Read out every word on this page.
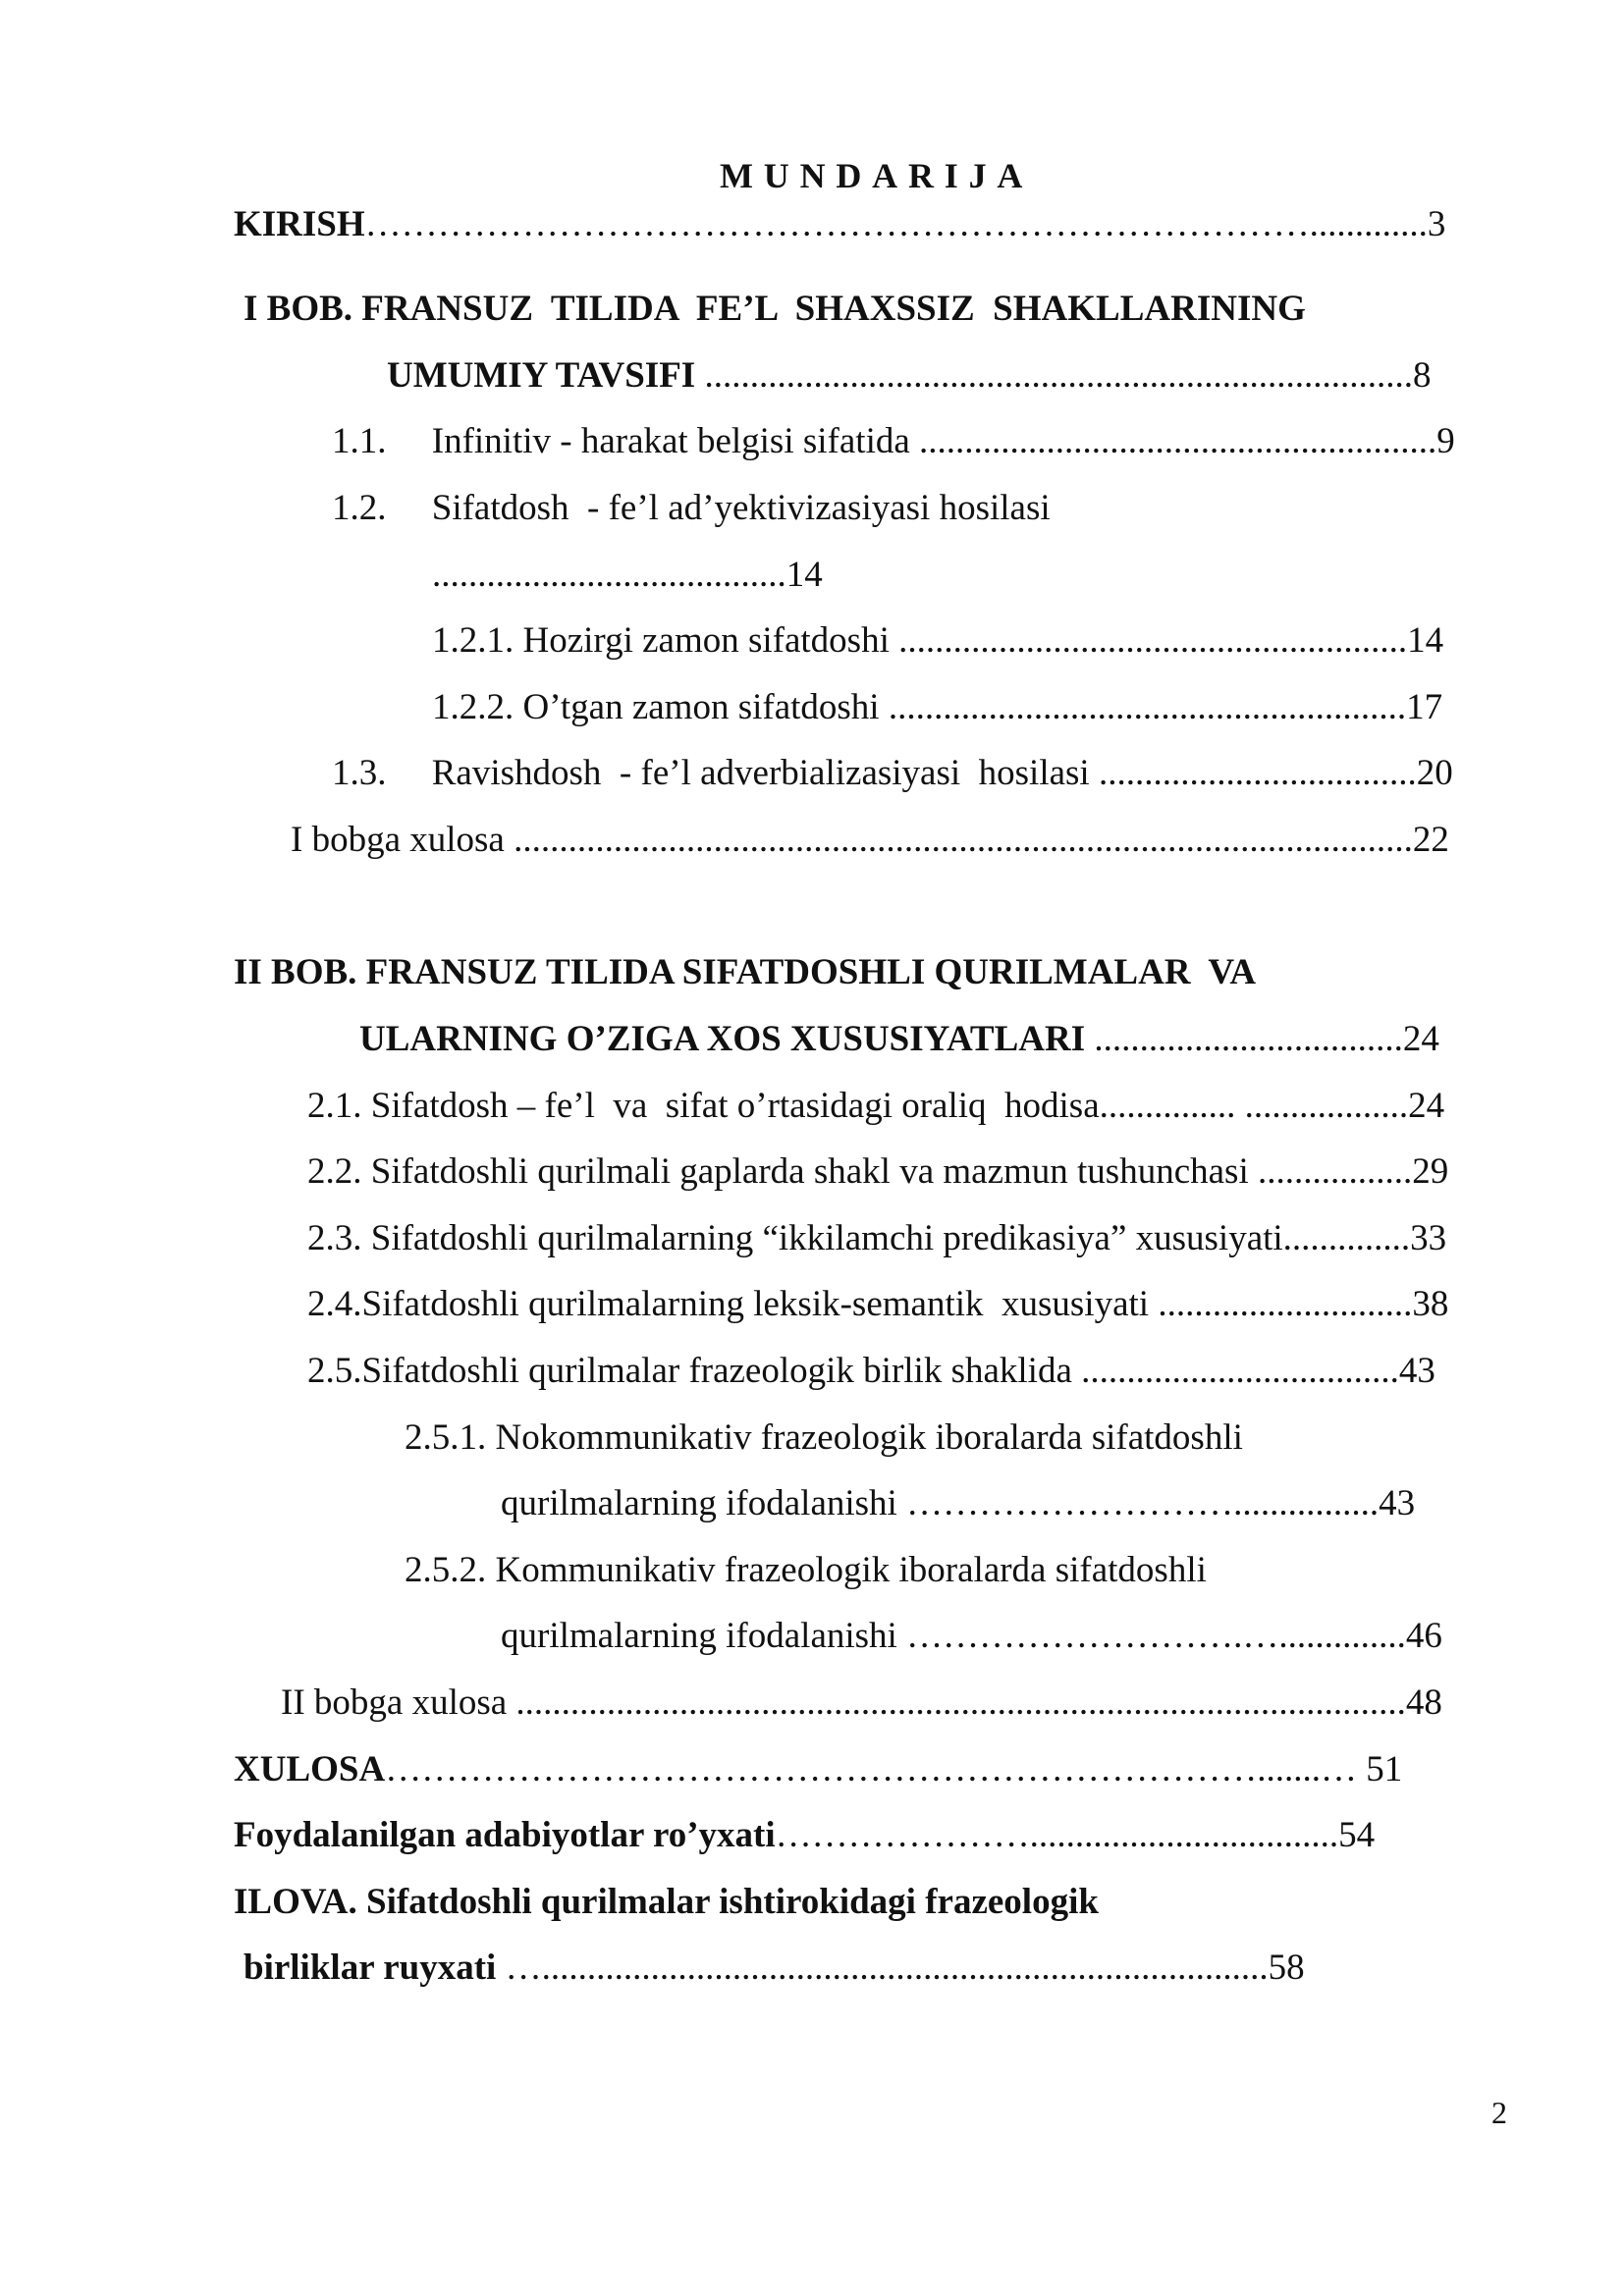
MUNDARIJA
KIRISH…………………………………………………………………….............3
I BOB. FRANSUZ  TILIDA  FE’L  SHAXSSIZ  SHAKLLARINING
UMUMIY TAVSIFI ..............................................................................8
1.1.     Infinitiv - harakat belgisi sifatida .........................................................9
1.2.     Sifatdosh  - fe’l ad’yektivizasiyasi hosilasi
.......................................14
1.2.1. Hozirgi zamon sifatdoshi ........................................................14
1.2.2. O’tgan zamon sifatdoshi .........................................................17
1.3.     Ravishdosh  - fe’l adverbializasiyasi  hosilasi ...................................20
I bobga xulosa ...................................................................................................22
II BOB. FRANSUZ TILIDA SIFATDOSHLI QURILMALAR  VA
ULARNING O’ZIGA XOS XUSUSIYATLARI ..................................24
2.1. Sifatdosh – fe’l  va  sifat o’rtasidagi oraliq  hodisa............... ..................24
2.2. Sifatdoshli qurilmali gaplarda shakl va mazmun tushunchasi .................29
2.3. Sifatdoshli qurilmalarning “ikkilamchi predikasiya” xususiyati..............33
2.4.Sifatdoshli qurilmalarning leksik-semantik  xususiyati ............................38
2.5.Sifatdoshli qurilmalar frazeologik birlik shaklida ...................................43
2.5.1. Nokommunikativ frazeologik iboralarda sifatdoshli
qurilmalarning ifodalanishi ………………………................43
2.5.2. Kommunikativ frazeologik iboralarda sifatdoshli
qurilmalarning ifodalanishi ……………………….…..............46
II bobga xulosa ..................................................................................................48
XULOSA……………………………………………………………….......… 51
Foydalanilgan adabiyotlar ro’yxati…………………..................................54
ILOVA. Sifatdoshli qurilmalar ishtirokidagi frazeologik
birliklar ruyxati …................................................................................58
2
